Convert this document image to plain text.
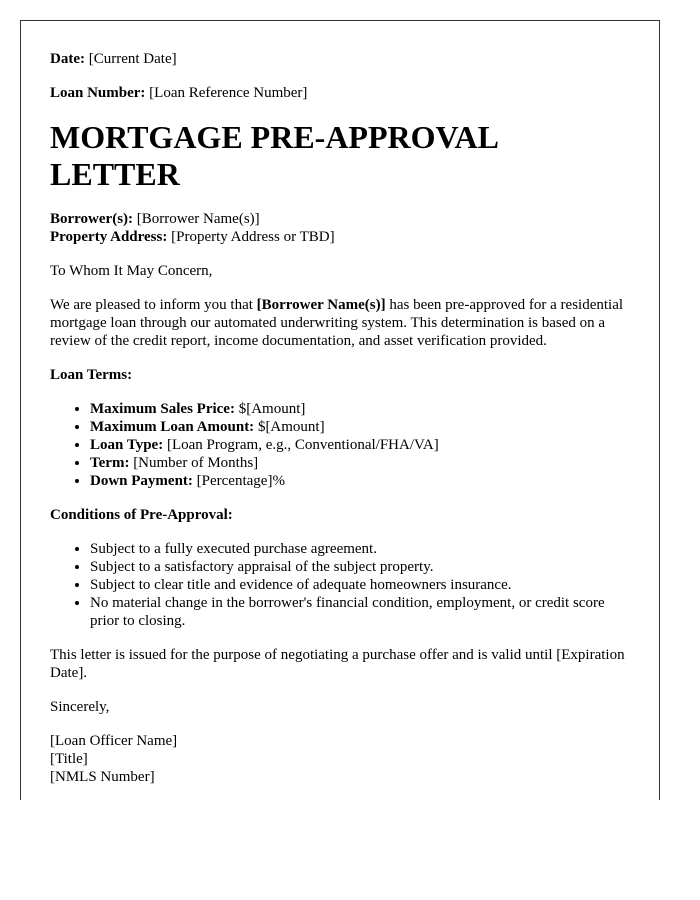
Date: [Current Date]

Loan Number: [Loan Reference Number]

MORTGAGE PRE-APPROVAL LETTER

Borrower(s): [Borrower Name(s)]

Property Address: [Property Address or TBD]

To Whom It May Concern,

We are pleased to inform you that [Borrower Name(s)] has been pre-approved for a residential mortgage loan through our automated underwriting system. This determination is based on a review of the credit report, income documentation, and asset verification provided.

Loan Terms:

• Maximum Sales Price: $[Amount]
• Maximum Loan Amount: $[Amount]
• Loan Type: [Loan Program, e.g., Conventional/FHA/VA]
• Term: [Number of Months]
• Down Payment: [Percentage]%

Conditions of Pre-Approval:

• Subject to a fully executed purchase agreement.
• Subject to a satisfactory appraisal of the subject property.
• Subject to clear title and evidence of adequate homeowners insurance.
• No material change in the borrower's financial condition, employment, or credit score prior to closing.

This letter is issued for the purpose of negotiating a purchase offer and is valid until [Expiration Date].

Sincerely,

[Loan Officer Name]
[Title]
[NMLS Number]
